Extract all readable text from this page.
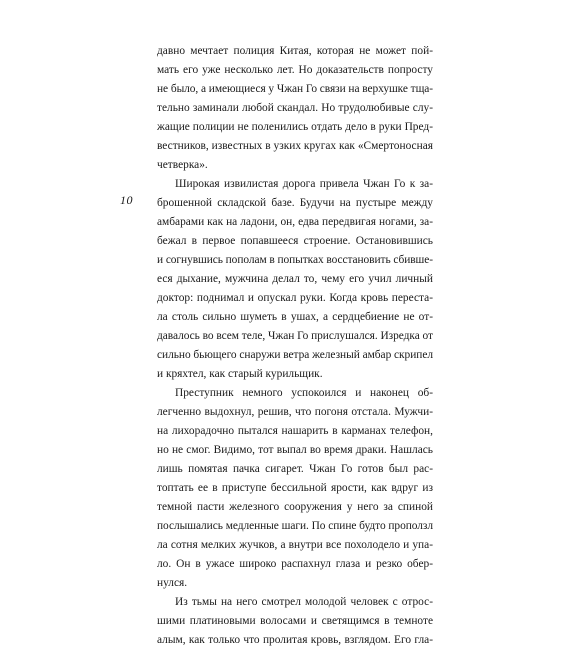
10
давно мечтает полиция Китая, которая не может пой-
мать его уже несколько лет. Но доказательств попросту
не было, а имеющиеся у Чжан Го связи на верхушке тща-
тельно заминали любой скандал. Но трудолюбивые слу-
жащие полиции не поленились отдать дело в руки Пред-
вестников, известных в узких кругах как «Смертоносная
четверка».
Широкая извилистая дорога привела Чжан Го к за-
брошенной складской базе. Будучи на пустыре между
амбарами как на ладони, он, едва передвигая ногами, за-
бежал в первое попавшееся строение. Остановившись
и согнувшись пополам в попытках восстановить сбивше-
еся дыхание, мужчина делал то, чему его учил личный
доктор: поднимал и опускал руки. Когда кровь переста-
ла столь сильно шуметь в ушах, а сердцебиение не от-
давалось во всем теле, Чжан Го прислушался. Изредка от
сильно бьющего снаружи ветра железный амбар скрипел
и кряхтел, как старый курильщик.
Преступник немного успокоился и наконец об-
легченно выдохнул, решив, что погоня отстала. Мужчи-
на лихорадочно пытался нашарить в карманах телефон,
но не смог. Видимо, тот выпал во время драки. Нашлась
лишь помятая пачка сигарет. Чжан Го готов был рас-
топтать ее в приступе бессильной ярости, как вдруг из
темной пасти железного сооружения у него за спиной
послышались медленные шаги. По спине будто проползл
ла сотня мелких жучков, а внутри все похолодело и упа-
ло. Он в ужасе широко распахнул глаза и резко обер-
нулся.
Из тьмы на него смотрел молодой человек с отрос-
шими платиновыми волосами и светящимся в темноте
алым, как только что пролитая кровь, взглядом. Его гла-
